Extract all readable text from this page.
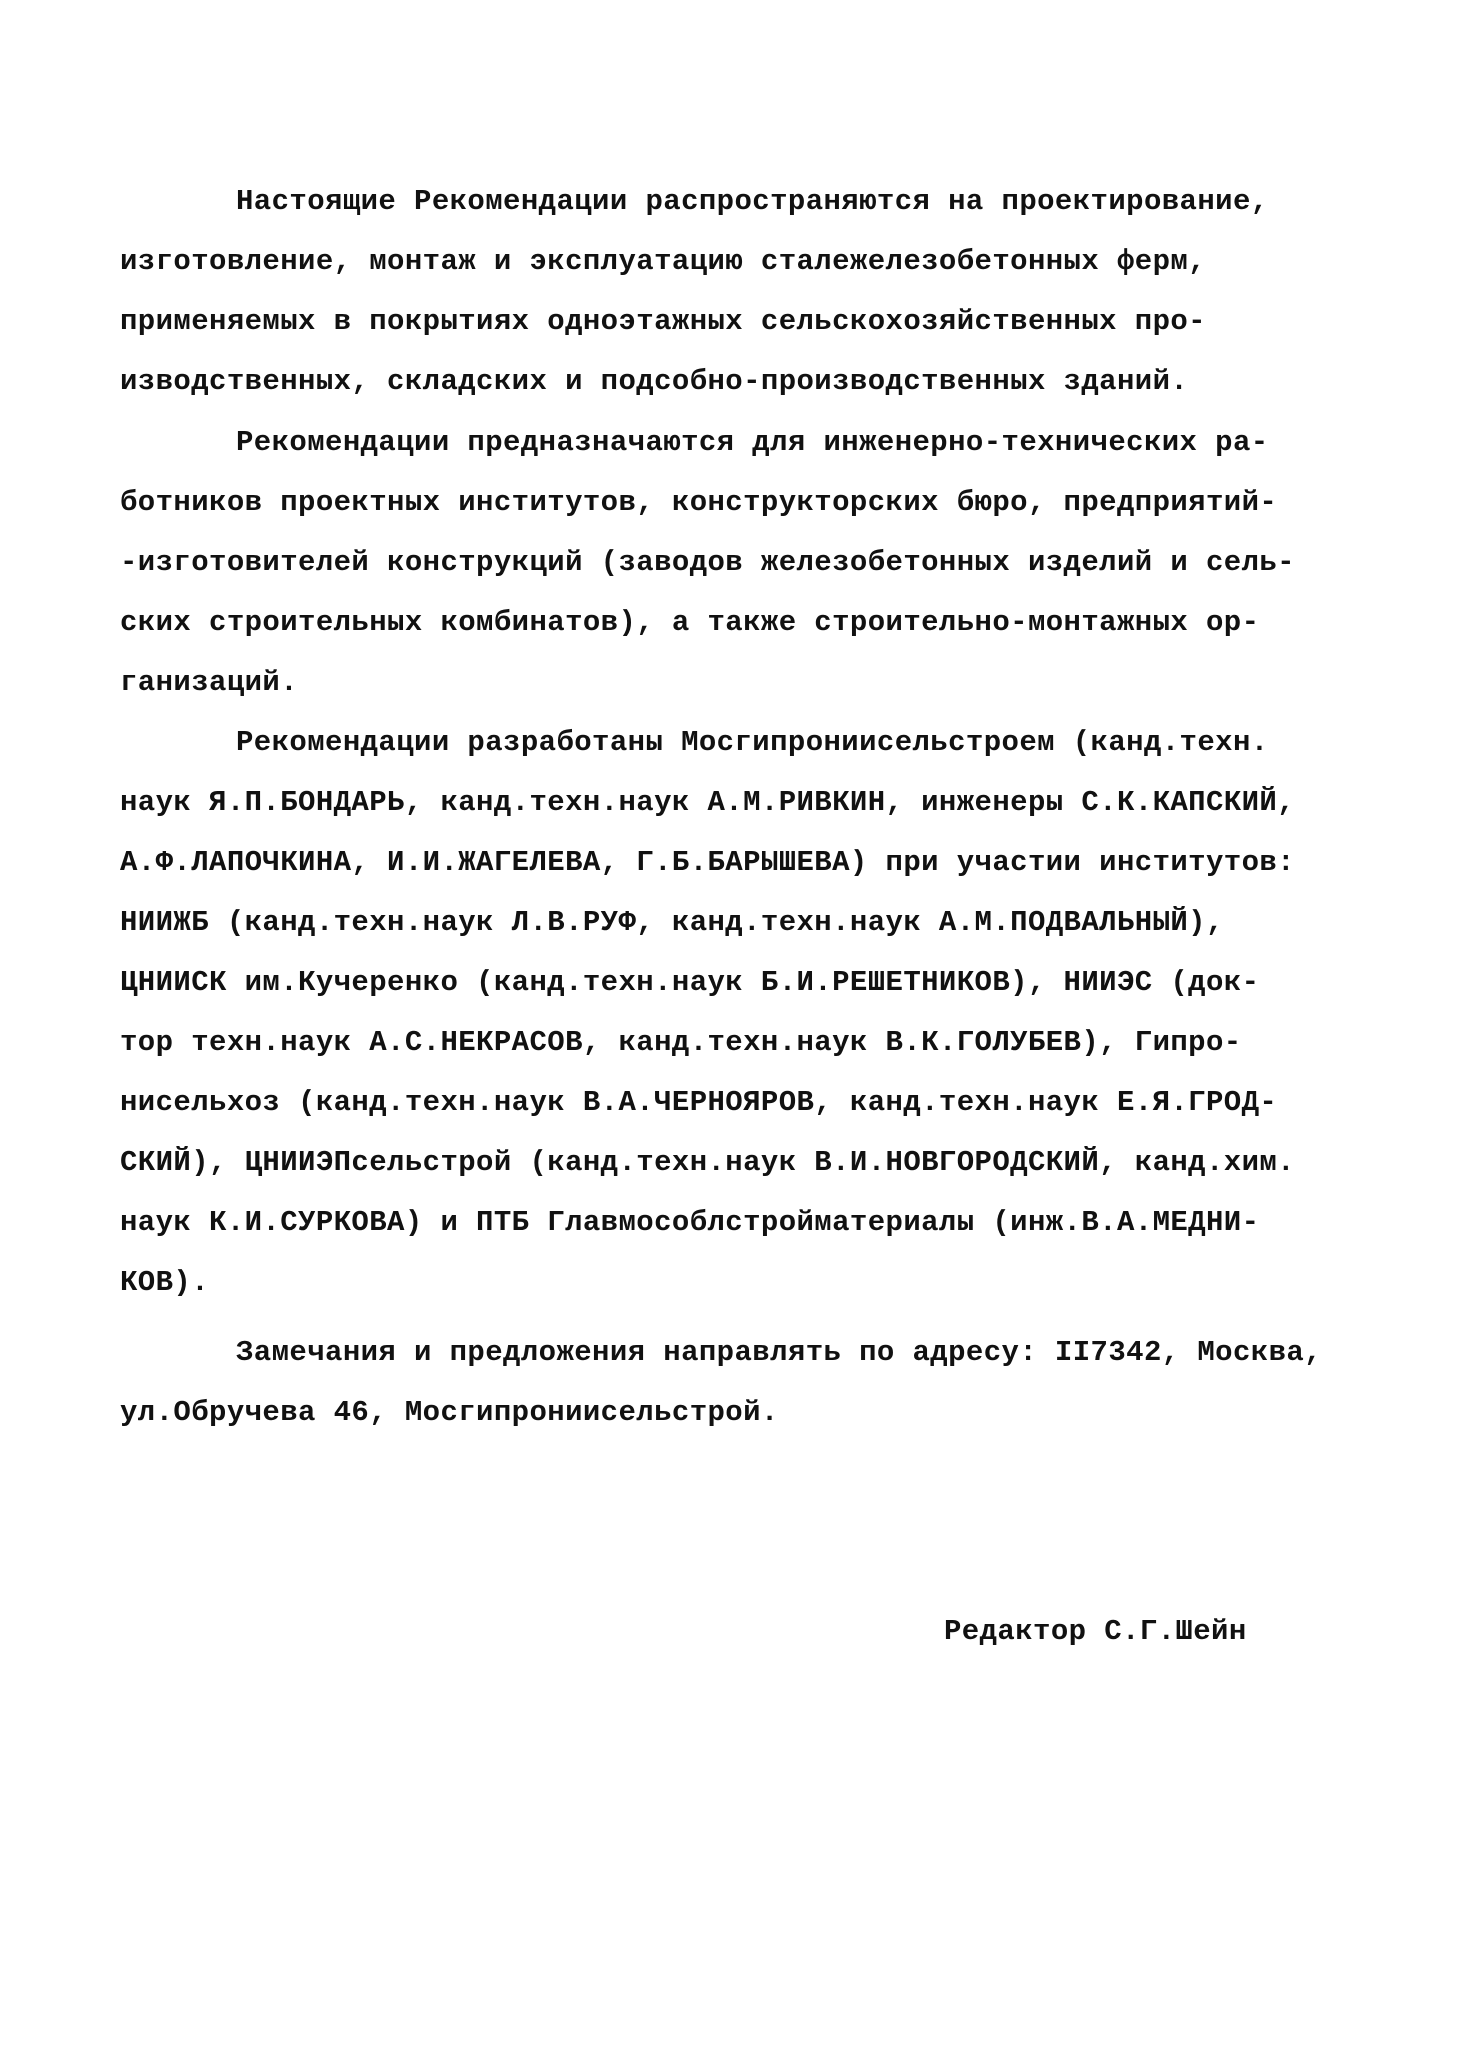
Настоящие Рекомендации распространяются на проектирование,
изготовление, монтаж и эксплуатацию сталежелезобетонных ферм,
применяемых в покрытиях одноэтажных сельскохозяйственных про-
изводственных, складских и подсобно-производственных зданий.
Рекомендации предназначаются для инженерно-технических ра-
ботников проектных институтов, конструкторских бюро, предприятий-
-изготовителей конструкций (заводов железобетонных изделий и сель-
ских строительных комбинатов), а также строительно-монтажных ор-
ганизаций.
Рекомендации разработаны Мосгипрониисельстроем (канд.техн.
наук Я.П.БОНДАРЬ, канд.техн.наук А.М.РИВКИН, инженеры С.К.КАПСКИЙ,
А.Ф.ЛАПОЧКИНА, И.И.ЖАГЕЛЕВА, Г.Б.БАРЫШЕВА) при участии институтов:
НИИЖБ (канд.техн.наук Л.В.РУФ, канд.техн.наук А.М.ПОДВАЛЬНЫЙ),
ЦНИИСК им.Кучеренко (канд.техн.наук Б.И.РЕШЕТНИКОВ), НИИЭС (док-
тор техн.наук А.С.НЕКРАСОВ, канд.техн.наук В.К.ГОЛУБЕВ), Гипро-
нисельхоз (канд.техн.наук В.А.ЧЕРНОЯРОВ, канд.техн.наук Е.Я.ГРОД-
СКИЙ), ЦНИИЭПсельстрой (канд.техн.наук В.И.НОВГОРОДСКИЙ, канд.хим.
наук К.И.СУРКОВА) и ПТБ Главмособлстройматериалы (инж.В.А.МЕДНИ-
КОВ).
Замечания и предложения направлять по адресу: II7342, Москва,
ул.Обручева 46, Мосгипрониисельстрой.
Редактор С.Г.Шейн
